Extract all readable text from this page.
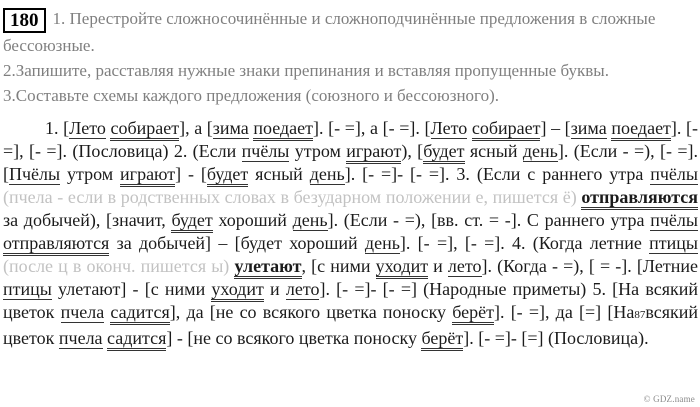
180 1. Перестройте сложносочинённые и сложноподчинённые предложения в сложные бессоюзные.
2.Запишите, расставляя нужные знаки препинания и вставляя пропущенные буквы.
3.Составьте схемы каждого предложения (союзного и бессоюзного).
1. [Лето собирает], а [зима поедает]. [- =], а [- =]. [Лето собирает] – [зима поедает]. [- =], [- =]. (Пословица) 2. (Если пчёлы утром играют), [будет ясный день]. (Если - =), [- =]. [Пчёлы утром играют] - [будет ясный день]. [- =]- [- =]. 3. (Если с раннего утра пчёлы (пчела - если в родственных словах в безударном положении е, пишется ё) отправляются за добычей), [значит, будет хороший день]. (Если - =), [вв. ст. = -]. С раннего утра пчёлы отправляются за добычей] – [будет хороший день]. [- =], [- =]. 4. (Когда летние птицы (после ц в оконч. пишется ы) улетают, [с ними уходит и лето]. (Когда - =), [ = -]. [Летние птицы улетают] - [с ними уходит и лето]. [- =]- [- =] (Народные приметы) 5. [На всякий цветок пчела садится], да [не со всякого цветка поноску берёт]. [- =], да [=] [На87всякий цветок пчела садится] - [не со всякого цветка поноску берёт]. [- =]- [=] (Пословица).
© GDZ.name
